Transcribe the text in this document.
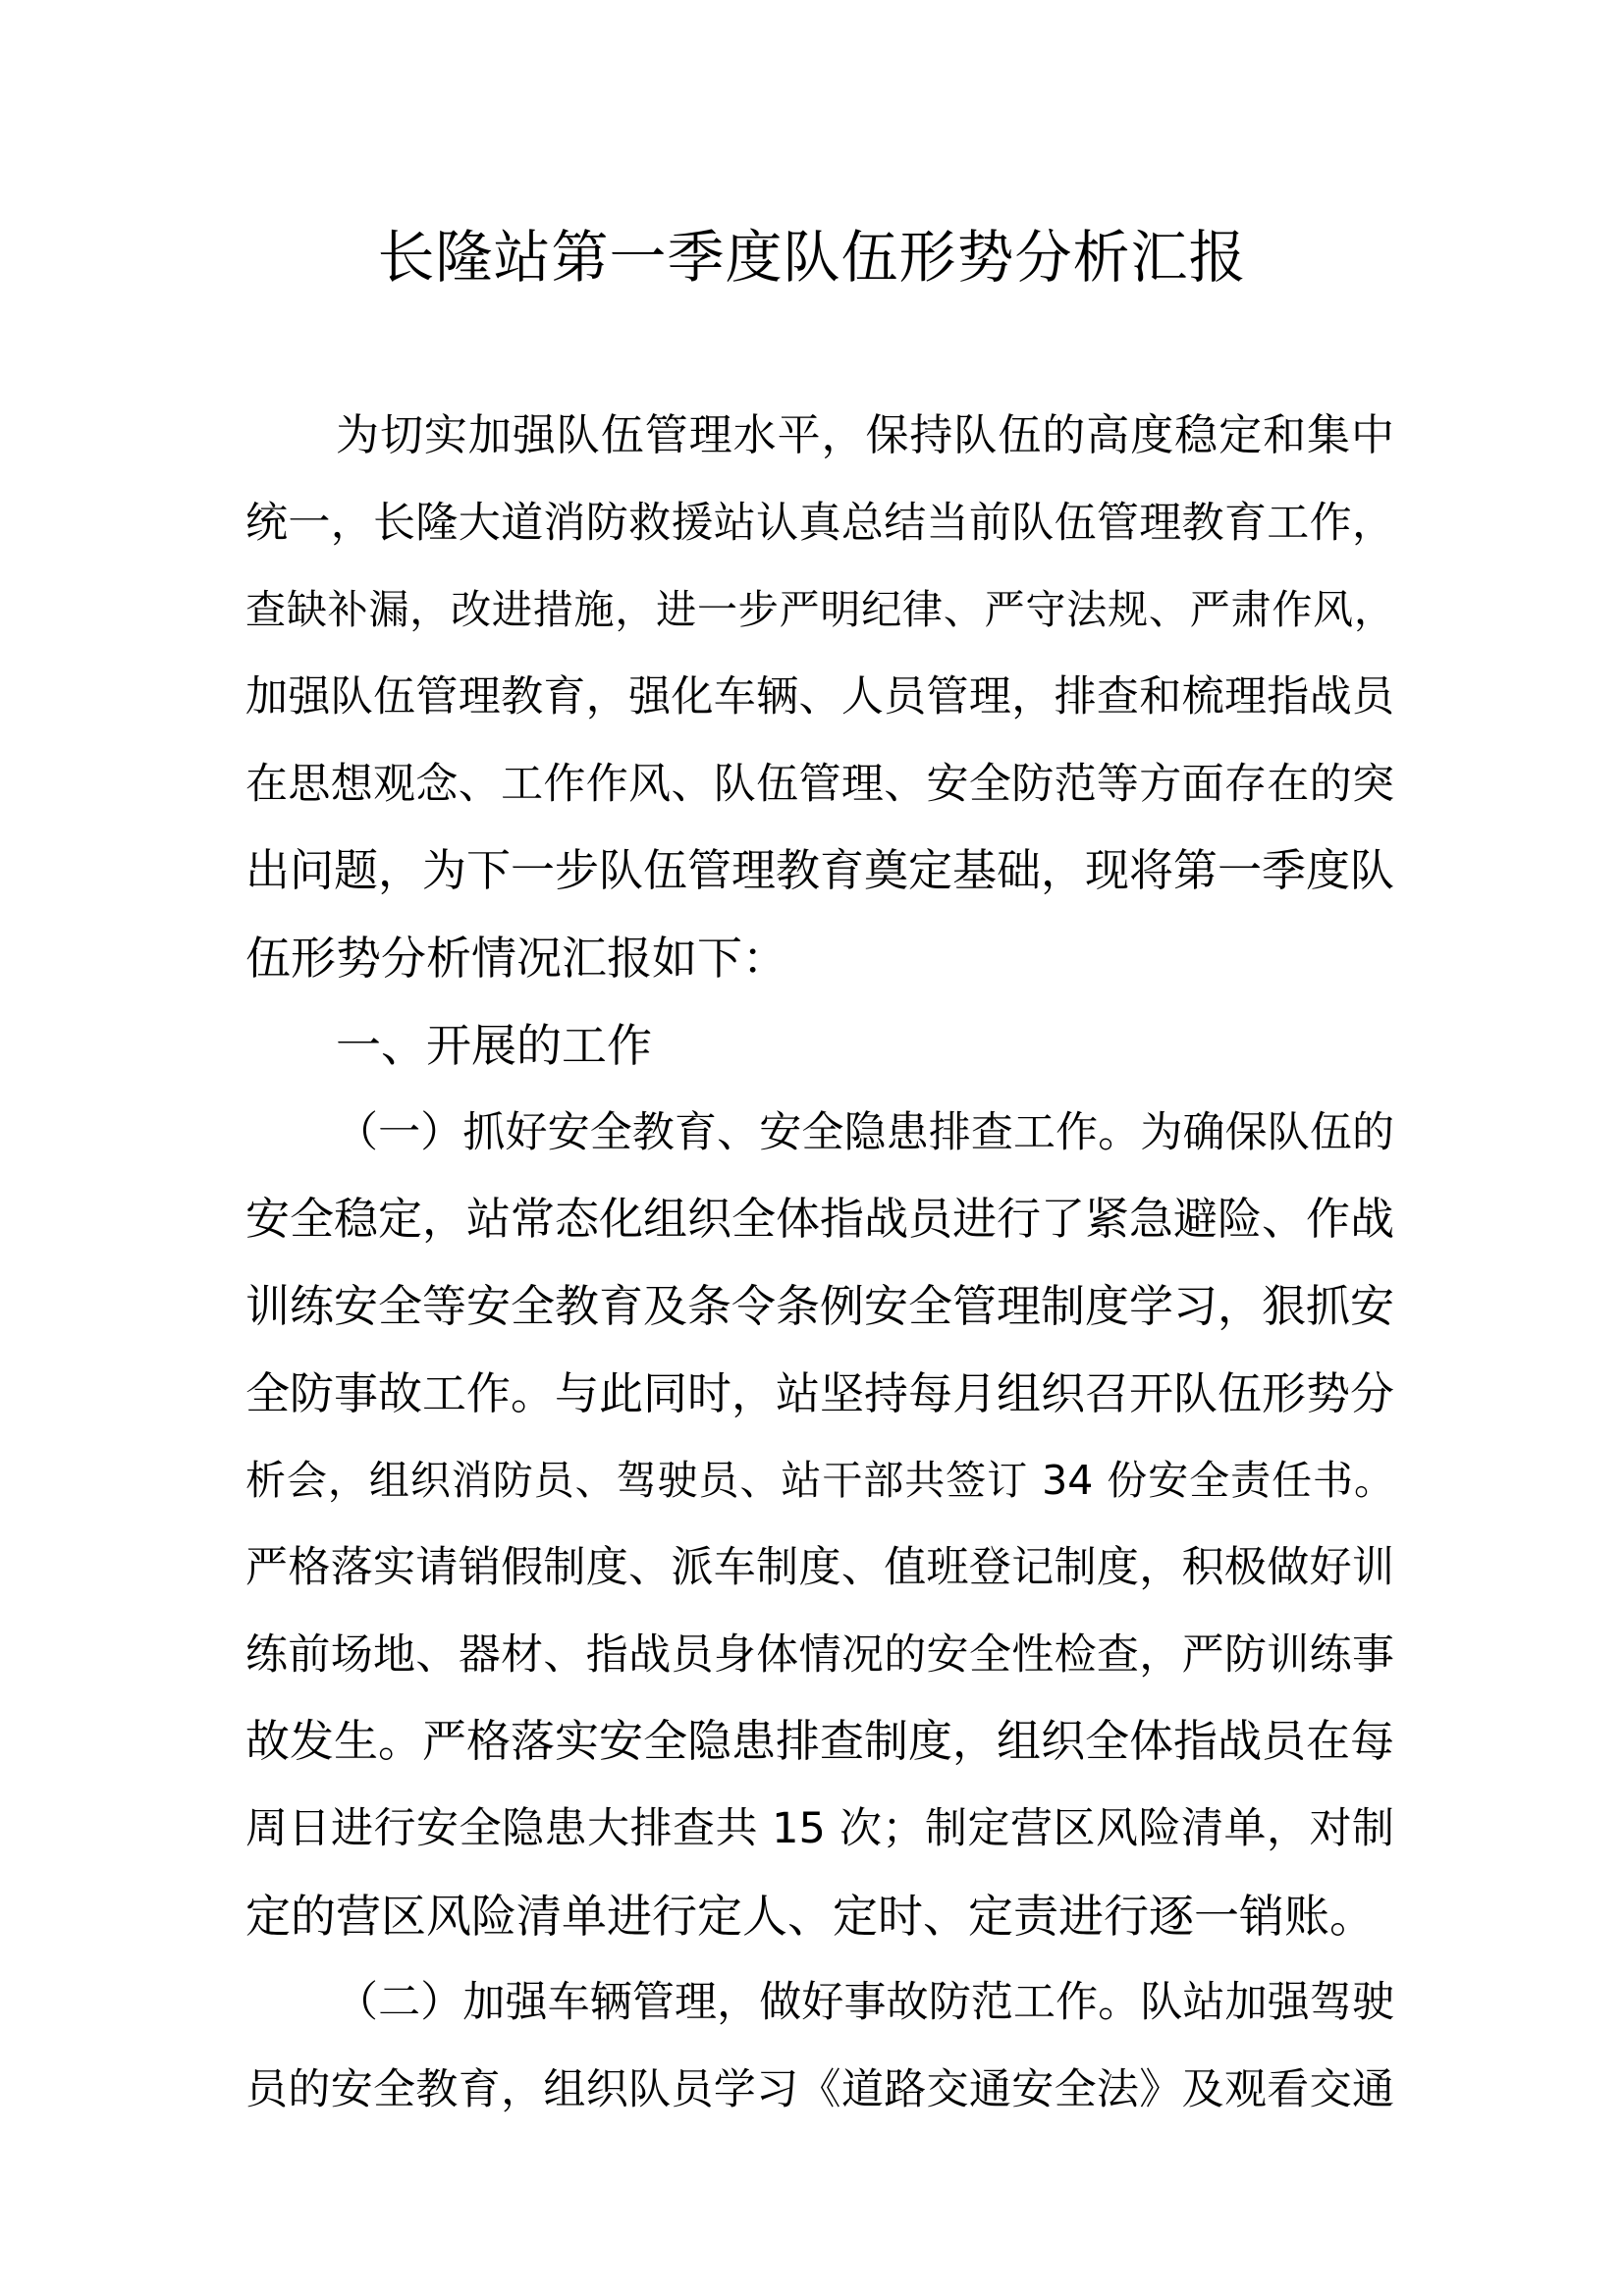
长隆站第一季度队伍形势分析汇报
为切实加强队伍管理水平，保持队伍的高度稳定和集中
统一，长隆大道消防救援站认真总结当前队伍管理教育工作，
查缺补漏，改进措施，进一步严明纪律、严守法规、严肃作风，
加强队伍管理教育，强化车辆、人员管理，排查和梳理指战员
在思想观念、工作作风、队伍管理、安全防范等方面存在的突
出问题，为下一步队伍管理教育奠定基础，现将第一季度队
伍形势分析情况汇报如下：
一、开展的工作
（一）抓好安全教育、安全隐患排查工作。为确保队伍的
安全稳定，站常态化组织全体指战员进行了紧急避险、作战
训练安全等安全教育及条令条例安全管理制度学习，狠抓安
全防事故工作。与此同时，站坚持每月组织召开队伍形势分
析会，组织消防员、驾驶员、站干部共签订 34 份安全责任书。
严格落实请销假制度、派车制度、值班登记制度，积极做好训
练前场地、器材、指战员身体情况的安全性检查，严防训练事
故发生。严格落实安全隐患排查制度，组织全体指战员在每
周日进行安全隐患大排查共 15 次；制定营区风险清单，对制
定的营区风险清单进行定人、定时、定责进行逐一销账。
（二）加强车辆管理，做好事故防范工作。队站加强驾驶
员的安全教育，组织队员学习《道路交通安全法》及观看交通
